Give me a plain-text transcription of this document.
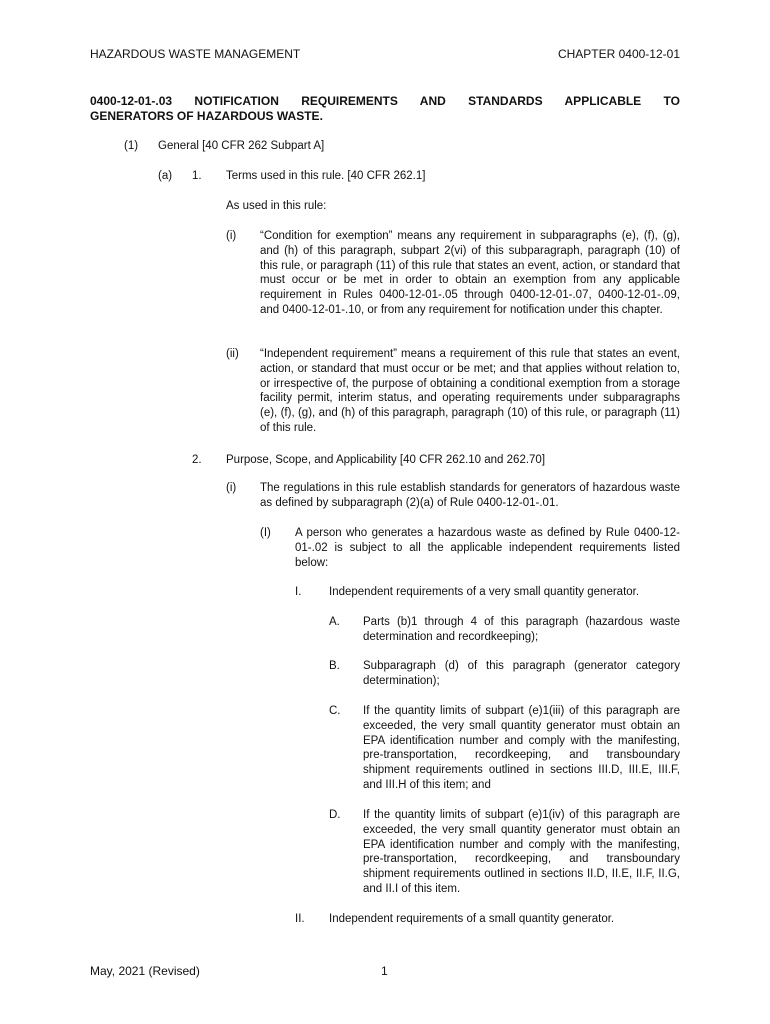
HAZARDOUS WASTE MANAGEMENT	CHAPTER 0400-12-01
0400-12-01-.03 NOTIFICATION REQUIREMENTS AND STANDARDS APPLICABLE TO
GENERATORS OF HAZARDOUS WASTE.
(1) General [40 CFR 262 Subpart A]
(a) 1. Terms used in this rule. [40 CFR 262.1]
As used in this rule:
(i) “Condition for exemption” means any requirement in subparagraphs (e), (f), (g), and (h) of this paragraph, subpart 2(vi) of this subparagraph, paragraph (10) of this rule, or paragraph (11) of this rule that states an event, action, or standard that must occur or be met in order to obtain an exemption from any applicable requirement in Rules 0400-12-01-.05 through 0400-12-01-.07, 0400-12-01-.09, and 0400-12-01-.10, or from any requirement for notification under this chapter.
(ii) “Independent requirement” means a requirement of this rule that states an event, action, or standard that must occur or be met; and that applies without relation to, or irrespective of, the purpose of obtaining a conditional exemption from a storage facility permit, interim status, and operating requirements under subparagraphs (e), (f), (g), and (h) of this paragraph, paragraph (10) of this rule, or paragraph (11) of this rule.
2. Purpose, Scope, and Applicability [40 CFR 262.10 and 262.70]
(i) The regulations in this rule establish standards for generators of hazardous waste as defined by subparagraph (2)(a) of Rule 0400-12-01-.01.
(I) A person who generates a hazardous waste as defined by Rule 0400-12-01-.02 is subject to all the applicable independent requirements listed below:
I. Independent requirements of a very small quantity generator.
A. Parts (b)1 through 4 of this paragraph (hazardous waste determination and recordkeeping);
B. Subparagraph (d) of this paragraph (generator category determination);
C. If the quantity limits of subpart (e)1(iii) of this paragraph are exceeded, the very small quantity generator must obtain an EPA identification number and comply with the manifesting, pre-transportation, recordkeeping, and transboundary shipment requirements outlined in sections III.D, III.E, III.F, and III.H of this item; and
D. If the quantity limits of subpart (e)1(iv) of this paragraph are exceeded, the very small quantity generator must obtain an EPA identification number and comply with the manifesting, pre-transportation, recordkeeping, and transboundary shipment requirements outlined in sections II.D, II.E, II.F, II.G, and II.I of this item.
II. Independent requirements of a small quantity generator.
May, 2021 (Revised)	1
